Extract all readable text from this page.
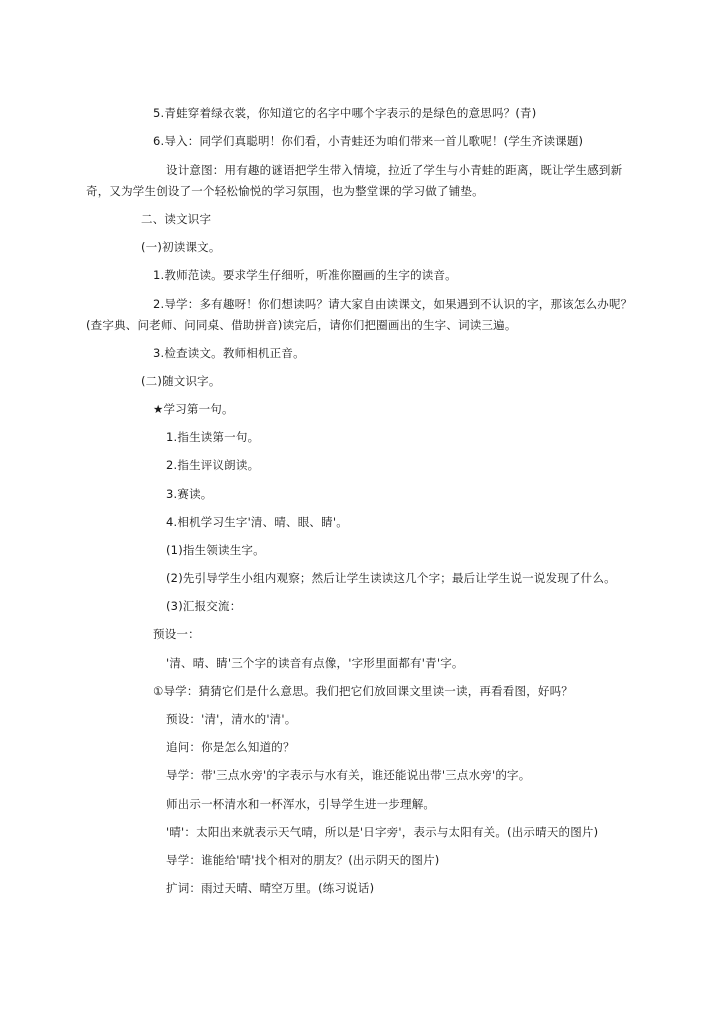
5.青蛙穿着绿衣裳，你知道它的名字中哪个字表示的是绿色的意思吗？(青)
6.导入：同学们真聪明！你们看，小青蛙还为咱们带来一首儿歌呢！(学生齐读课题)
设计意图：用有趣的谜语把学生带入情境，拉近了学生与小青蛙的距离，既让学生感到新
奇，又为学生创设了一个轻松愉悦的学习氛围，也为整堂课的学习做了铺垫。
二、读文识字
(一)初读课文。
1.教师范读。要求学生仔细听，听准你圈画的生字的读音。
2.导学：多有趣呀！你们想读吗？请大家自由读课文，如果遇到不认识的字，那该怎么办呢？
(查字典、问老师、问同桌、借助拼音)读完后，请你们把圈画出的生字、词读三遍。
3.检查读文。教师相机正音。
(二)随文识字。
★学习第一句。
1.指生读第一句。
2.指生评议朗读。
3.赛读。
4.相机学习生字'清、晴、眼、睛'。
(1)指生领读生字。
(2)先引导学生小组内观察；然后让学生读读这几个字；最后让学生说一说发现了什么。
(3)汇报交流：
预设一：
'清、晴、睛'三个字的读音有点像，'字形里面都有'青'字。
①导学：猜猜它们是什么意思。我们把它们放回课文里读一读，再看看图，好吗？
预设：'清'，清水的'清'。
追问：你是怎么知道的？
导学：带'三点水旁'的字表示与水有关，谁还能说出带'三点水旁'的字。
师出示一杯清水和一杯浑水，引导学生进一步理解。
'晴'：太阳出来就表示天气晴，所以是'日字旁'，表示与太阳有关。(出示晴天的图片)
导学：谁能给'晴'找个相对的朋友？(出示阴天的图片)
扩词：雨过天晴、晴空万里。(练习说话)
